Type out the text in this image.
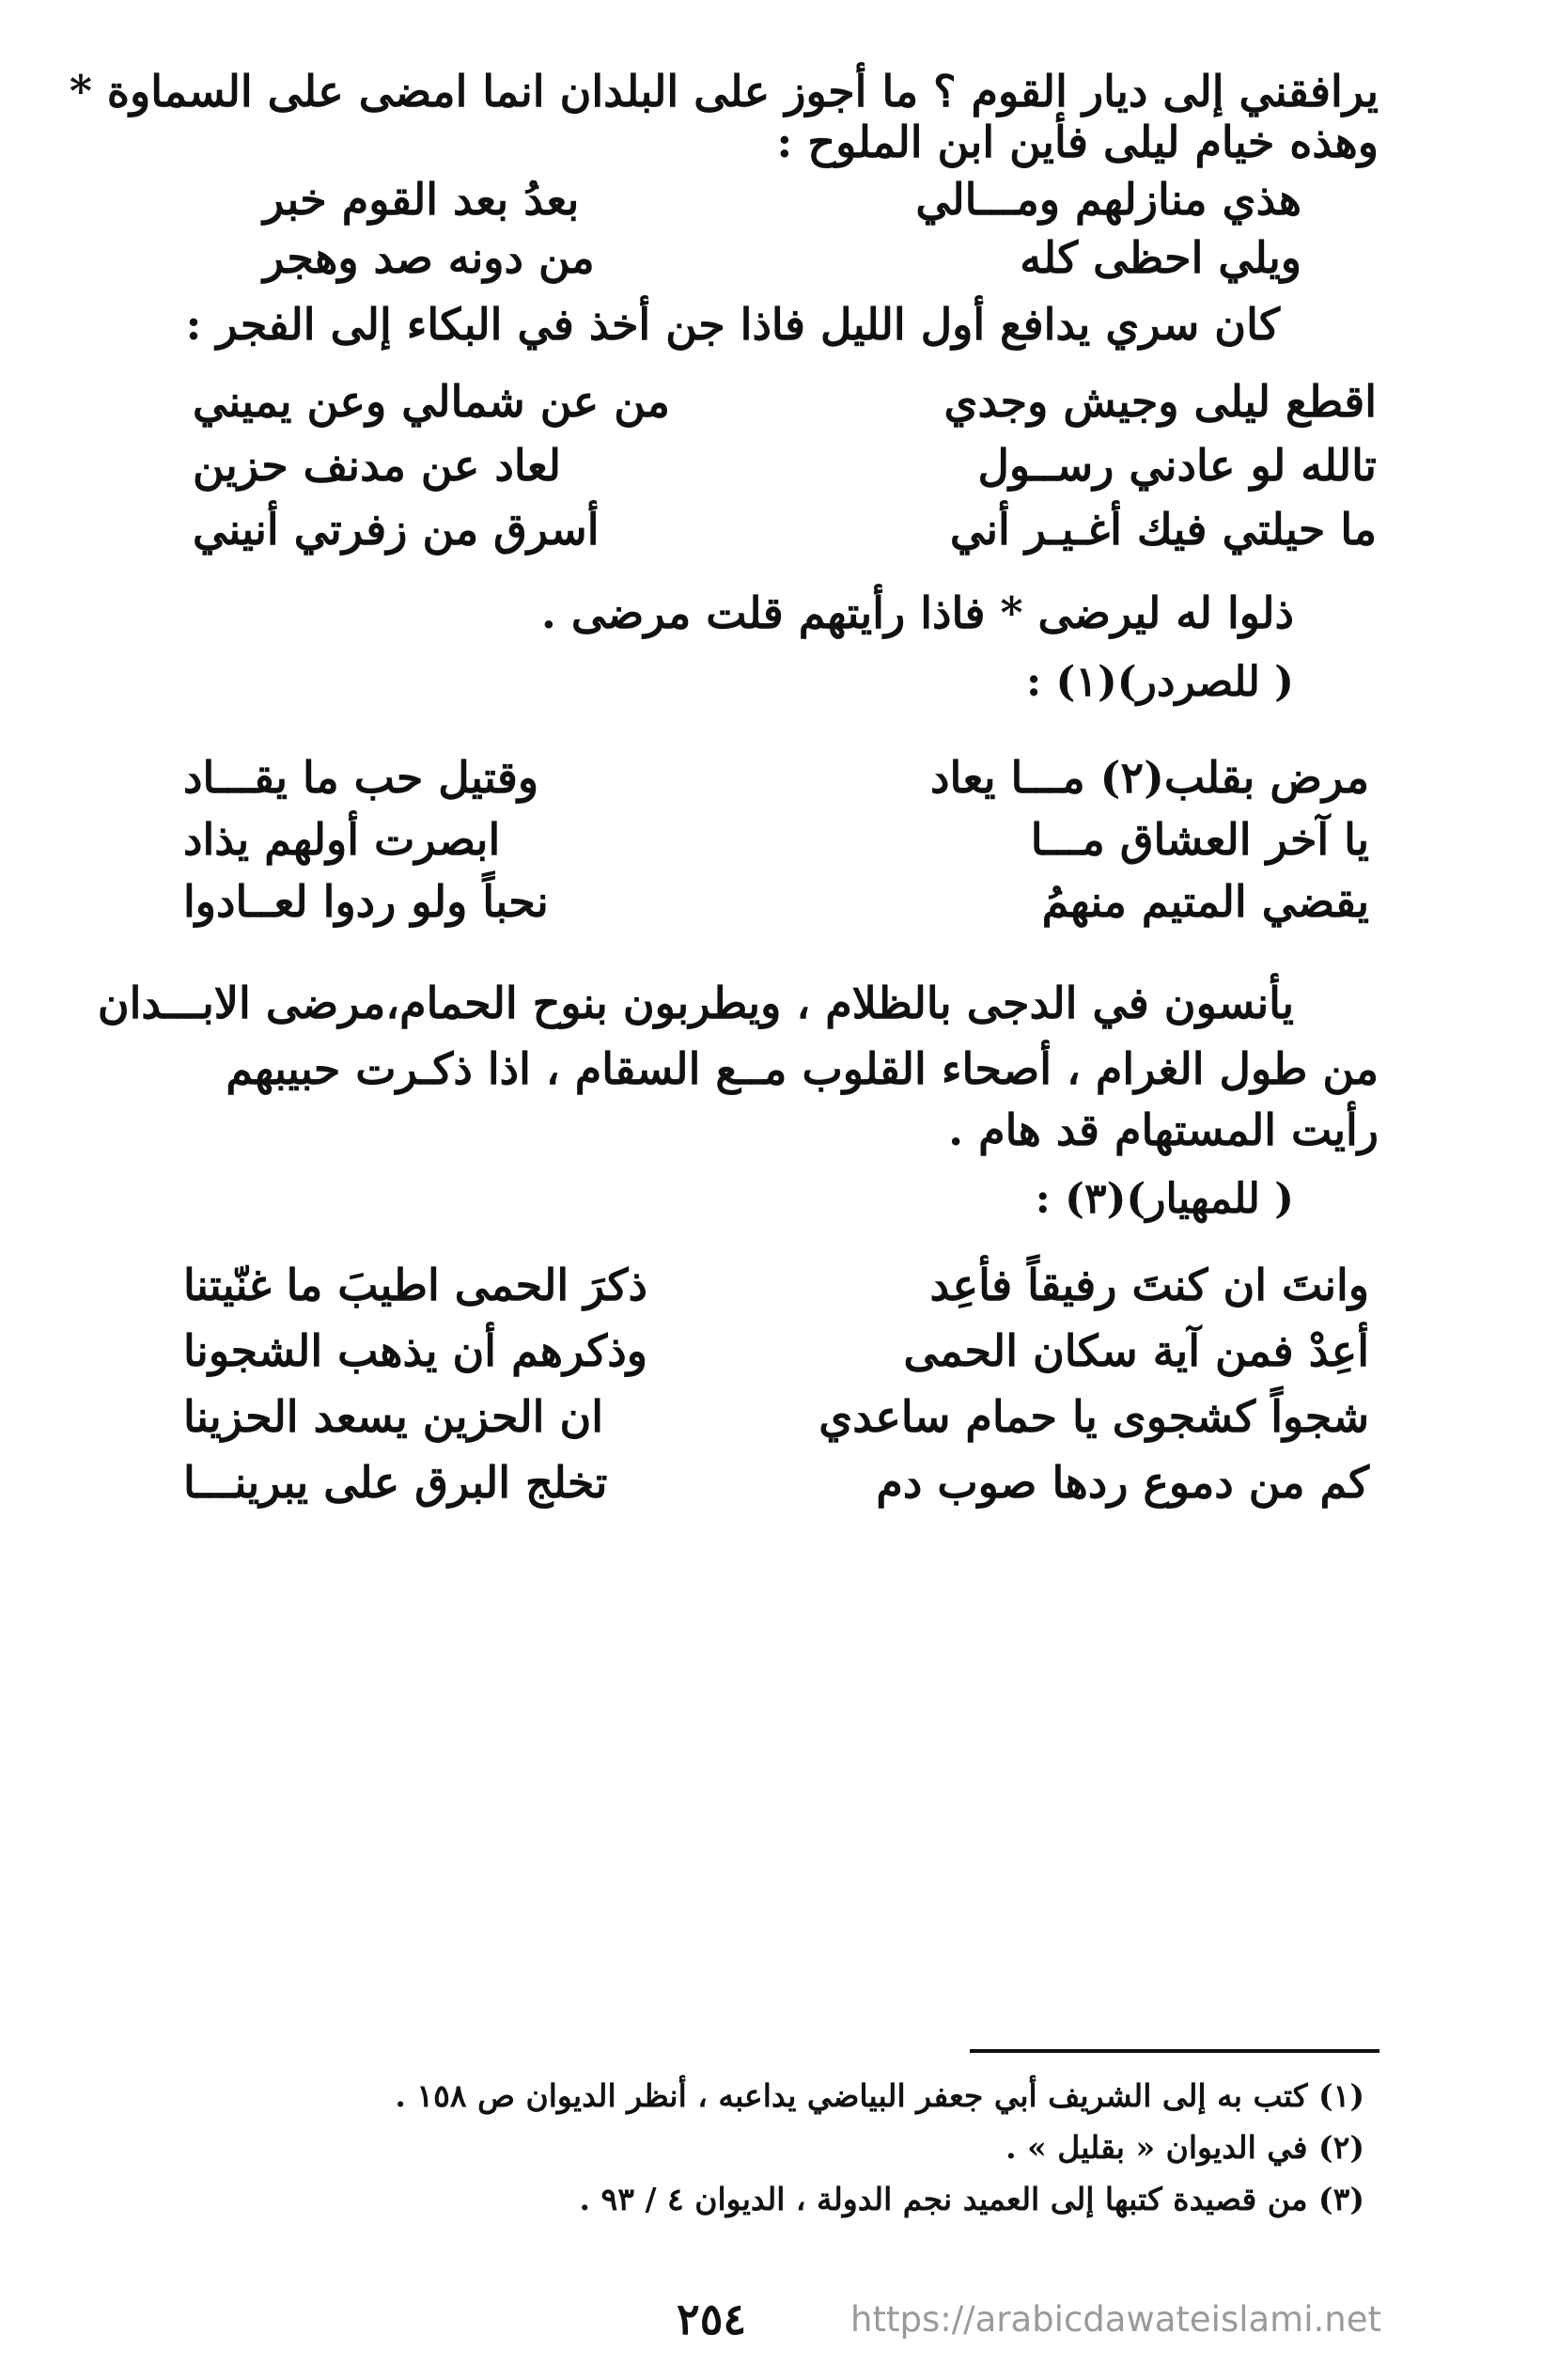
يرافقني إلى ديار القوم ؟ ما أجوز على البلدان انما امضى على السماوة *
وهذه خيام ليلى فأين ابن الملوح :
هذي منازلهم ومـــالي
بعدُ بعد القوم خبر
ويلي احظى كله
من دونه صد وهجر
كان سري يدافع أول الليل فاذا جن أخذ في البكاء إلى الفجر :
اقطع ليلى وجيش وجدي
من عن شمالي وعن يميني
تالله لو عادني رســول
لعاد عن مدنف حزين
ما حيلتي فيك أغـيـر أني
أسرق من زفرتي أنيني
ذلوا له ليرضى * فاذا رأيتهم قلت مرضى .
( للصردر)(١) :
مرض بقلب(٢) مـــا يعاد
وقتيل حب ما يقـــاد
يا آخر العشاق مـــا
ابصرت أولهم يذاد
يقضي المتيم منهمُ
نحباً ولو ردوا لعــادوا
يأنسون في الدجى بالظلام ، ويطربون بنوح الحمام،مرضى الابـــدان
من طول الغرام ، أصحاء القلوب مــع السقام ، اذا ذكـرت حبيبهم
رأيت المستهام قد هام .
( للمهيار)(٣) :
وانتَ ان كنتَ رفيقاً فأعِد
ذكرَ الحمى اطيبَ ما غنّيتنا
أعِدْ فمن آية سكان الحمى
وذكرهم أن يذهب الشجونا
شجواً كشجوى يا حمام ساعدي
ان الحزين يسعد الحزينا
كم من دموع ردها صوب دم
تخلج البرق على يبرينـــا
(١) كتب به إلى الشريف أبي جعفر البياضي يداعبه ، أنظر الديوان ص ١٥٨ .
(٢) في الديوان « بقليل » .
(٣) من قصيدة كتبها إلى العميد نجم الدولة ، الديوان ٤ / ٩٣ .
٢٥٤	https://arabicdawateislami.net
